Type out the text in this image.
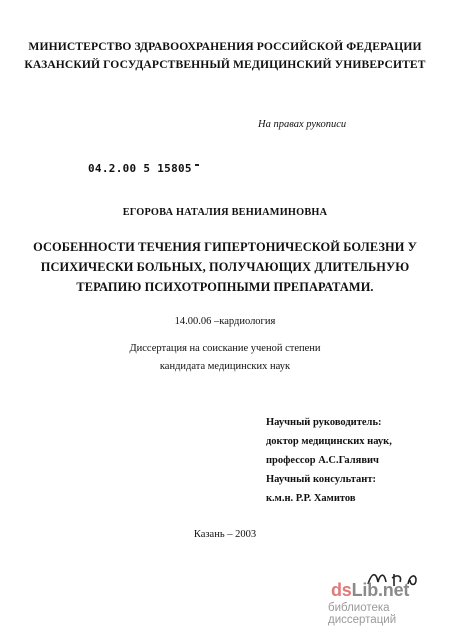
МИНИСТЕРСТВО ЗДРАВООХРАНЕНИЯ РОССИЙСКОЙ ФЕДЕРАЦИИ
КАЗАНСКИЙ ГОСУДАРСТВЕННЫЙ МЕДИЦИНСКИЙ УНИВЕРСИТЕТ
На правах рукописи
04.2.00 5 15805
ЕГОРОВА НАТАЛИЯ ВЕНИАМИНОВНА
ОСОБЕННОСТИ ТЕЧЕНИЯ ГИПЕРТОНИЧЕСКОЙ БОЛЕЗНИ У
ПСИХИЧЕСКИ БОЛЬНЫХ, ПОЛУЧАЮЩИХ ДЛИТЕЛЬНУЮ
ТЕРАПИЮ ПСИХОТРОПНЫМИ ПРЕПАРАТАМИ.
14.00.06 –кардиология
Диссертация на соискание ученой степени
кандидата медицинских наук
Научный руководитель:
доктор медицинских наук,
профессор А.С.Галявич
Научный консультант:
к.м.н. Р.Р. Хамитов
Казань – 2003
dsLib.net
библиотека диссертаций
